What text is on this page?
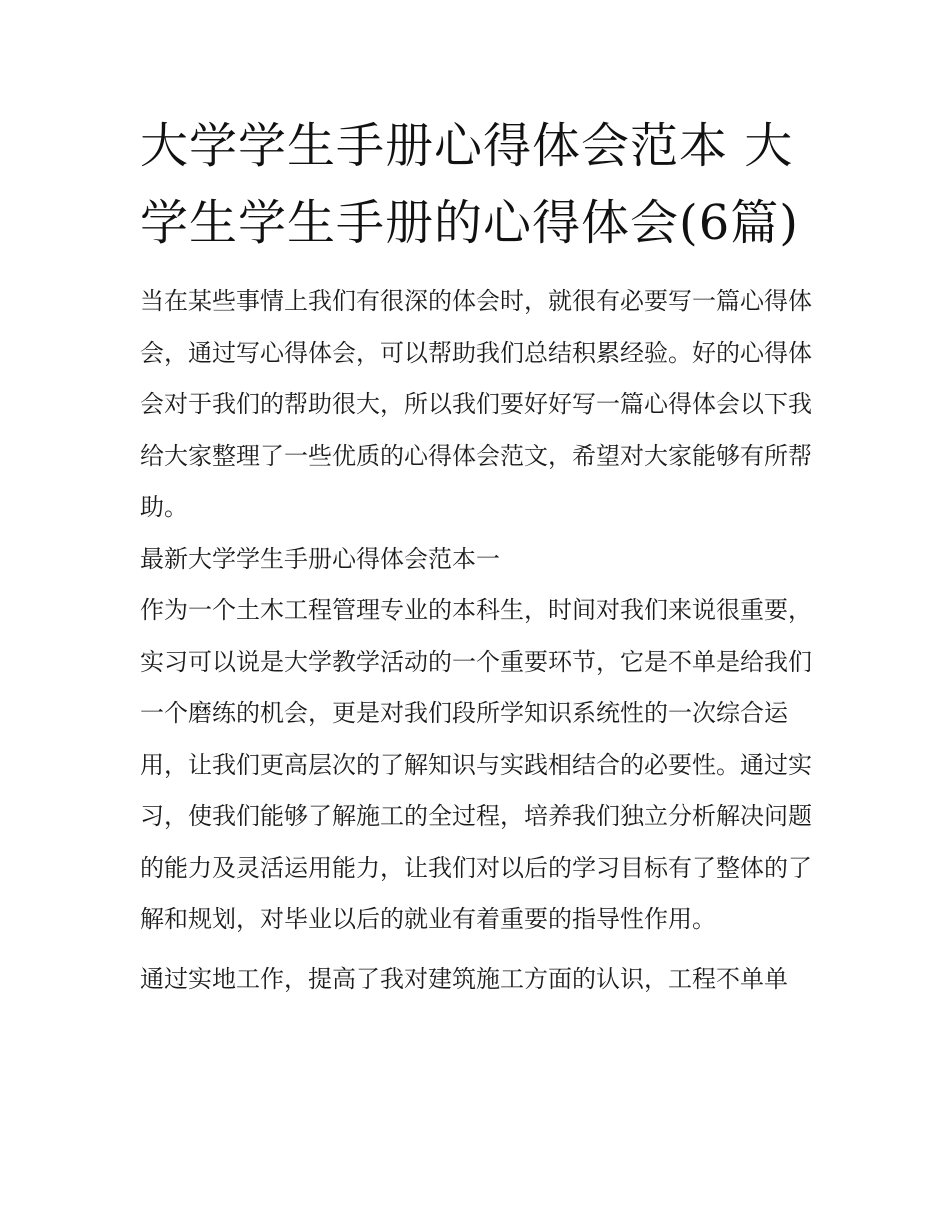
大学学生手册心得体会范本 大学生学生手册的心得体会(6篇)

当在某些事情上我们有很深的体会时，就很有必要写一篇心得体会，通过写心得体会，可以帮助我们总结积累经验。好的心得体会对于我们的帮助很大，所以我们要好好写一篇心得体会以下我给大家整理了一些优质的心得体会范文，希望对大家能够有所帮助。

最新大学学生手册心得体会范本一

作为一个土木工程管理专业的本科生，时间对我们来说很重要，实习可以说是大学教学活动的一个重要环节，它是不单是给我们一个磨练的机会，更是对我们段所学知识系统性的一次综合运用，让我们更高层次的了解知识与实践相结合的必要性。通过实习，使我们能够了解施工的全过程，培养我们独立分析解决问题的能力及灵活运用能力，让我们对以后的学习目标有了整体的了解和规划，对毕业以后的就业有着重要的指导性作用。

通过实地工作，提高了我对建筑施工方面的认识，工程不单单
